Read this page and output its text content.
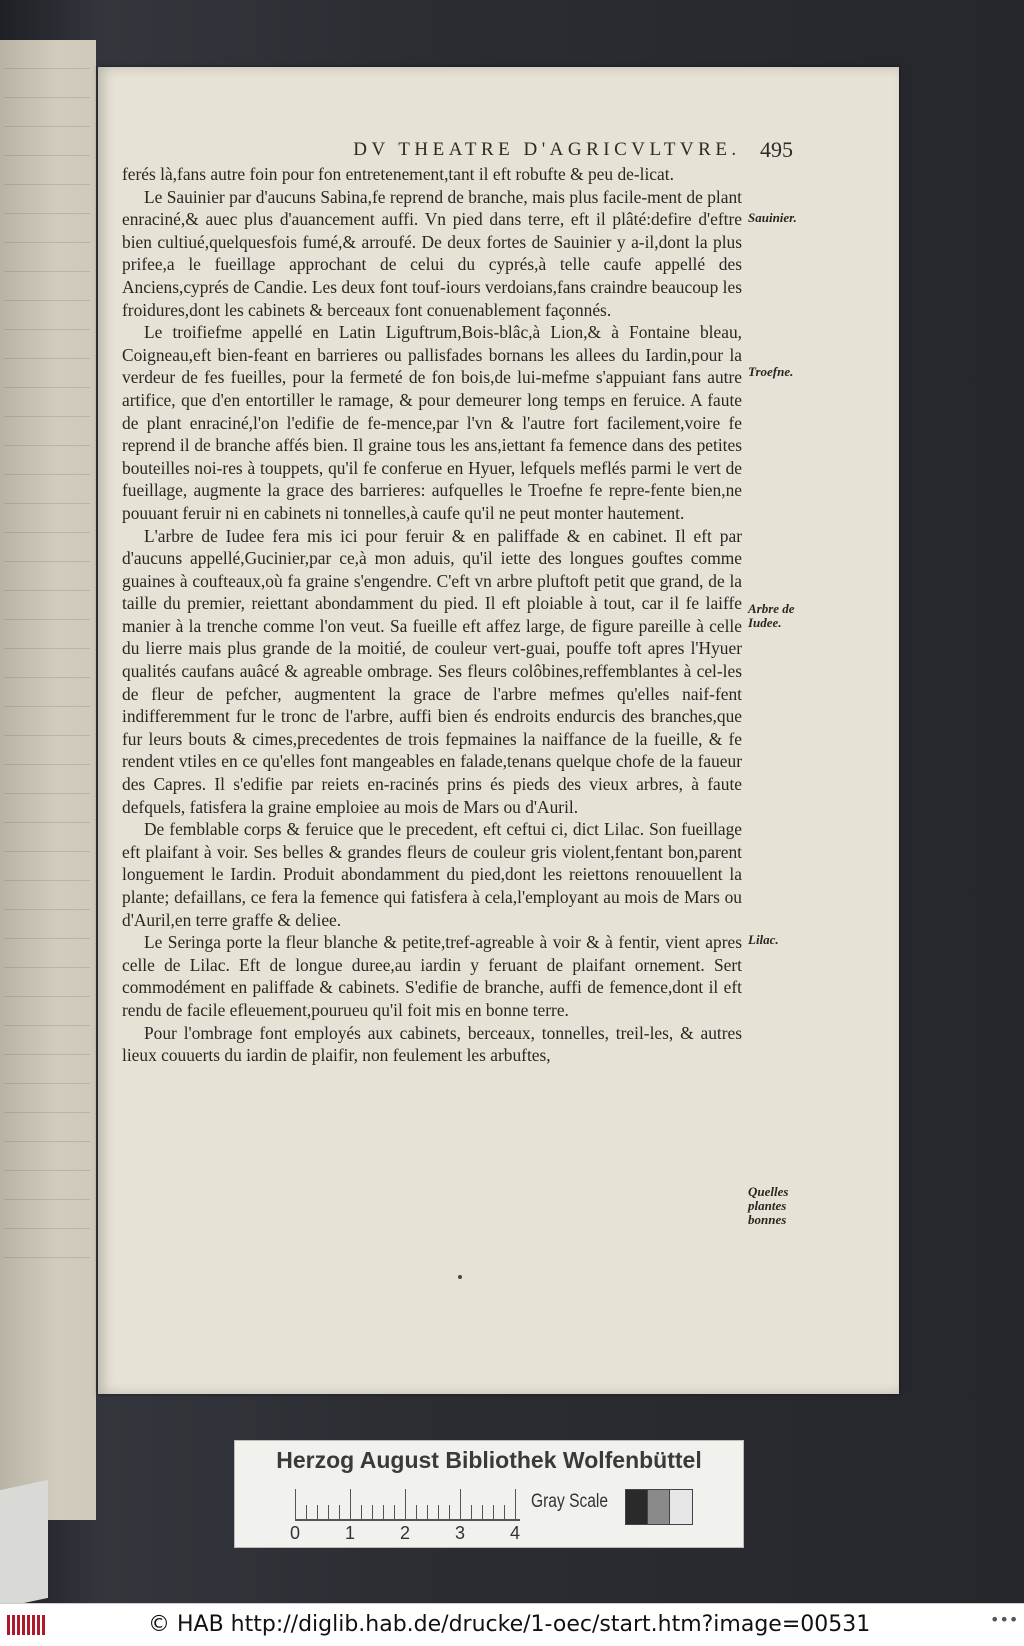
DV THEATRE D'AGRICVLTVRE. 495

ferés là,fans autre foin pour fon entretenement,tant il eft robufte & peu de-licat.

Le Sauinier par d'aucuns Sabina,fe reprend de branche, mais plus facile-ment de plant enraciné,& auec plus d'auancement auffi. Vn pied dans terre, eft il plâté:defire d'eftre bien cultiué,quelquesfois fumé,& arroufé. De deux fortes de Sauinier y a-il,dont la plus prifee,a le fueillage approchant de celui du cyprés,à telle caufe appellé des Anciens,cyprés de Candie. Les deux font touf-iours verdoians,fans craindre beaucoup les froidures,dont les cabinets & berceaux font conuenablement façonnés.

Le troifiefme appellé en Latin Liguftrum,Bois-blâc,à Lion,& à Fontaine bleau, Coigneau,eft bien-feant en barrieres ou pallisfades bornans les allees du Iardin,pour la verdeur de fes fueilles, pour la fermeté de fon bois,de lui-mefme s'appuiant fans autre artifice, que d'en entortiller le ramage, & pour demeurer long temps en feruice. A faute de plant enraciné,l'on l'edifie de fe-mence,par l'vn & l'autre fort facilement,voire fe reprend il de branche affés bien. Il graine tous les ans,iettant fa femence dans des petites bouteilles noi-res à touppets, qu'il fe conferue en Hyuer, lefquels meflés parmi le vert de fueillage, augmente la grace des barrieres: aufquelles le Troefne fe repre-fente bien,ne pouuant feruir ni en cabinets ni tonnelles,à caufe qu'il ne peut monter hautement.

L'arbre de Iudee fera mis ici pour feruir & en paliffade & en cabinet. Il eft par d'aucuns appellé,Gucinier,par ce,à mon aduis, qu'il iette des longues gouftes comme guaines à coufteaux,où fa graine s'engendre. C'eft vn arbre pluftoft petit que grand, de la taille du premier, reiettant abondamment du pied. Il eft ploiable à tout, car il fe laiffe manier à la trenche comme l'on veut. Sa fueille eft affez large, de figure pareille à celle du lierre mais plus grande de la moitié, de couleur vert-guai, pouffe toft apres l'Hyuer qualités caufans auâcé & agreable ombrage. Ses fleurs colôbines,reffemblantes à cel-les de fleur de pefcher, augmentent la grace de l'arbre mefmes qu'elles naif-fent indifferemment fur le tronc de l'arbre, auffi bien és endroits endurcis des branches,que fur leurs bouts & cimes,precedentes de trois fepmaines la naiffance de la fueille, & fe rendent vtiles en ce qu'elles font mangeables en falade,tenans quelque chofe de la faueur des Capres. Il s'edifie par reiets en-racinés prins és pieds des vieux arbres, à faute defquels, fatisfera la graine emploiee au mois de Mars ou d'Auril.

De femblable corps & feruice que le precedent, eft ceftui ci, dict Lilac. Son fueillage eft plaifant à voir. Ses belles & grandes fleurs de couleur gris violent,fentant bon,parent longuement le Iardin. Produit abondamment du pied,dont les reiettons renouuellent la plante; defaillans, ce fera la femence qui fatisfera à cela,l'employant au mois de Mars ou d'Auril,en terre graffe & deliee.

Le Seringa porte la fleur blanche & petite,tref-agreable à voir & à fentir, vient apres celle de Lilac. Eft de longue duree,au iardin y feruant de plaifant ornement. Sert commodément en paliffade & cabinets. S'edifie de branche, auffi de femence,dont il eft rendu de facile efleuement,pourueu qu'il foit mis en bonne terre.

Pour l'ombrage font employés aux cabinets, berceaux, tonnelles, treil-les, & autres lieux couuerts du iardin de plaifir, non feulement les arbuftes,

Sauinier.
Troefne.
Arbre de Iudee.
Lilac.
Quelles plantes bonnes
Herzog August Bibliothek Wolfenbüttel
0 1 2 3 4
Gray Scale
© HAB http://diglib.hab.de/drucke/1-oec/start.htm?image=00531	•••
